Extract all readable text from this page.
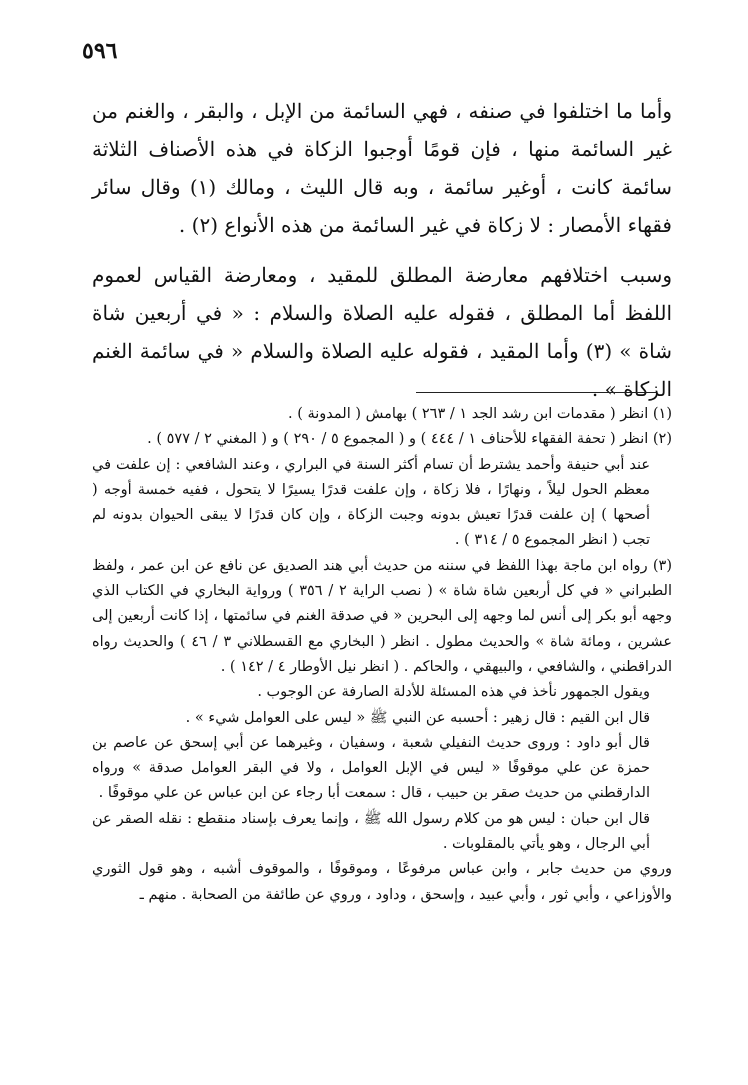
٥٩٦

وأما ما اختلفوا في صنفه ، فهي السائمة من الإبل ، والبقر ، والغنم من غير السائمة منها ، فإن قومًا أوجبوا الزكاة في هذه الأصناف الثلاثة سائمة كانت ، أوغير سائمة ، وبه قال الليث ، ومالك (١) وقال سائر فقهاء الأمصار : لا زكاة في غير السائمة من هذه الأنواع (٢) .

وسبب اختلافهم معارضة المطلق للمقيد ، ومعارضة القياس لعموم اللفظ أما المطلق ، فقوله عليه الصلاة والسلام : « في أربعين شاة شاة » (٣) وأما المقيد ، فقوله عليه الصلاة والسلام « في سائمة الغنم الزكاة » .

(١) انظر ( مقدمات ابن رشد الجد ١ / ٢٦٣ ) بهامش ( المدونة ) .

(٢) انظر ( تحفة الفقهاء للأحناف ١ / ٤٤٤ ) و ( المجموع ٥ / ٢٩٠ ) و ( المغني ٢ / ٥٧٧ ) .

عند أبي حنيفة وأحمد يشترط أن تسام أكثر السنة في البراري ، وعند الشافعي : إن علفت في معظم الحول ليلاً ، ونهارًا ، فلا زكاة ، وإن علفت قدرًا يسيرًا لا يتحول ، ففيه خمسة أوجه ( أصحها ) إن علفت قدرًا تعيش بدونه وجبت الزكاة ، وإن كان قدرًا لا يبقى الحيوان بدونه لم تجب ( انظر المجموع ٥ / ٣١٤ ) .

(٣) رواه ابن ماجة بهذا اللفظ في سننه من حديث أبي هند الصديق عن نافع عن ابن عمر ، ولفظ الطبراني « في كل أربعين شاة شاة » ( نصب الراية ٢ / ٣٥٦ ) ورواية البخاري في الكتاب الذي وجهه أبو بكر إلى أنس لما وجهه إلى البحرين « في صدقة الغنم في سائمتها ، إذا كانت أربعين إلى عشرين ، ومائة شاة » والحديث مطول . انظر ( البخاري مع القسطلاني ٣ / ٤٦ ) والحديث رواه الدراقطني ، والشافعي ، والبيهقي ، والحاكم . ( انظر نيل الأوطار ٤ / ١٤٢ ) .

ويقول الجمهور نأخذ في هذه المسئلة للأدلة الصارفة عن الوجوب .

قال ابن القيم : قال زهير : أحسبه عن النبي ﷺ « ليس على العوامل شيء » .

قال أبو داود : وروى حديث النفيلي شعبة ، وسفيان ، وغيرهما عن أبي إسحق عن عاصم بن حمزة عن علي موقوفًا « ليس في الإبل العوامل ، ولا في البقر العوامل صدقة » ورواه الدارقطني من حديث صقر بن حبيب ، قال : سمعت أبا رجاء عن ابن عباس عن علي موقوفًا .

قال ابن حبان : ليس هو من كلام رسول الله ﷺ ، وإنما يعرف بإسناد منقطع : نقله الصقر عن أبي الرجال ، وهو يأتي بالمقلوبات .

وروي من حديث جابر ، وابن عباس مرفوعًا ، وموقوفًا ، والموقوف أشبه ، وهو قول الثوري والأوزاعي ، وأبي ثور ، وأبي عبيد ، وإسحق ، وداود ، وروي عن طائفة من الصحابة . منهم ـ
